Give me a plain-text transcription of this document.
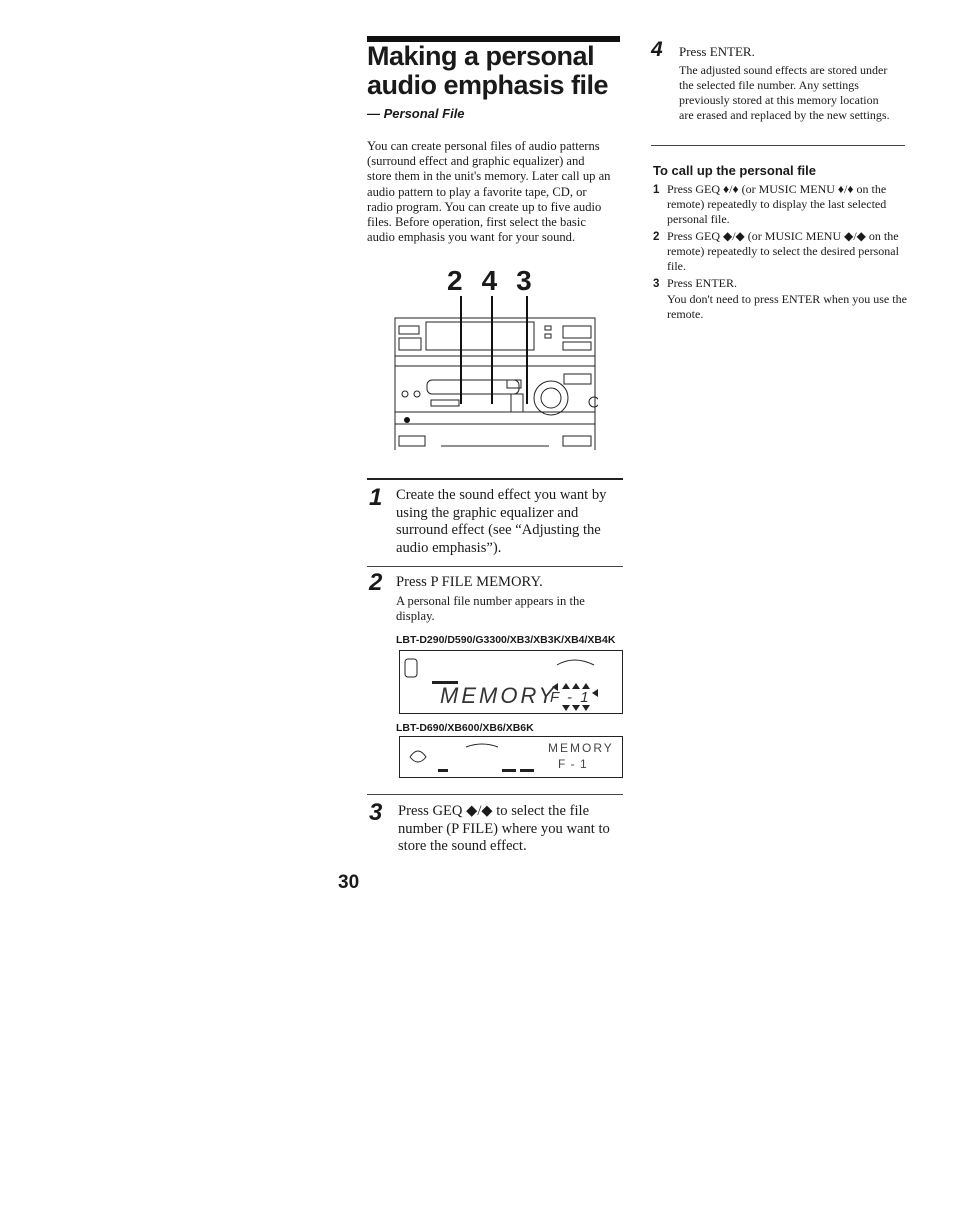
Making a personal
audio emphasis file
— Personal File
You can create personal files of audio patterns (surround effect and graphic equalizer) and store them in the unit's memory. Later call up an audio pattern to play a favorite tape, CD, or radio program. You can create up to five audio files. Before operation, first select the basic audio emphasis you want for your sound.
2 4 3
1 Create the sound effect you want by using the graphic equalizer and surround effect (see “Adjusting the audio emphasis”).
2 Press P FILE MEMORY.
A personal file number appears in the display.
LBT-D290/D590/G3300/XB3/XB3K/XB4/XB4K
MEMORY
F - 1
LBT-D690/XB600/XB6/XB6K
MEMORY
F - 1
3 Press GEQ ◆/◆ to select the file number (P FILE) where you want to store the sound effect.
30
4 Press ENTER.
The adjusted sound effects are stored under the selected file number. Any settings previously stored at this memory location are erased and replaced by the new settings.
To call up the personal file
1 Press GEQ ♦/♦ (or MUSIC MENU ♦/♦ on the remote) repeatedly to display the last selected personal file.
2 Press GEQ ◆/◆ (or MUSIC MENU ◆/◆ on the remote) repeatedly to select the desired personal file.
3 Press ENTER.
You don't need to press ENTER when you use the remote.
